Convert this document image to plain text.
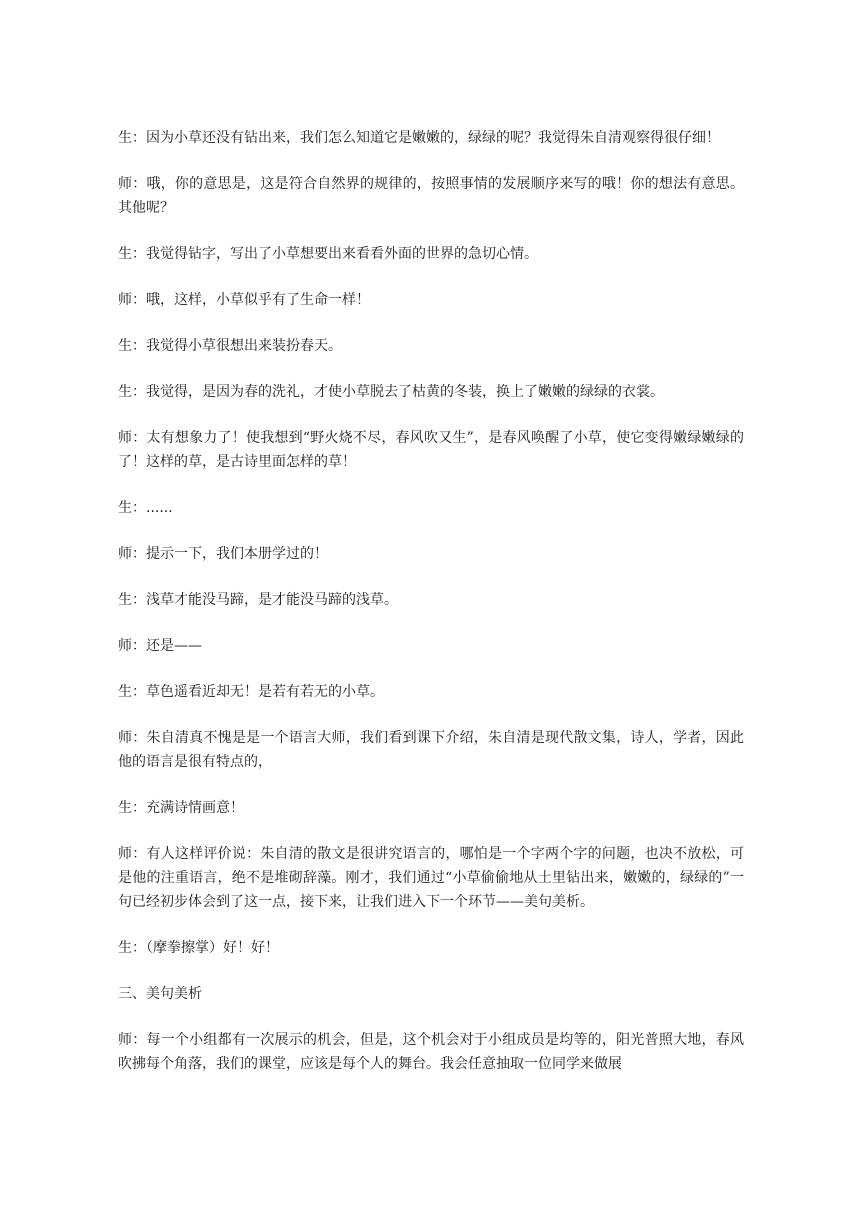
生：因为小草还没有钻出来，我们怎么知道它是嫩嫩的，绿绿的呢？我觉得朱自清观察得很仔细！

师：哦，你的意思是，这是符合自然界的规律的，按照事情的发展顺序来写的哦！你的想法有意思。其他呢？

生：我觉得钻字，写出了小草想要出来看看外面的世界的急切心情。

师：哦，这样，小草似乎有了生命一样！

生：我觉得小草很想出来装扮春天。

生：我觉得，是因为春的洗礼，才使小草脱去了枯黄的冬装，换上了嫩嫩的绿绿的衣裳。

师：太有想象力了！使我想到“野火烧不尽，春风吹又生”，是春风唤醒了小草，使它变得嫩绿嫩绿的了！这样的草，是古诗里面怎样的草！

生：......

师：提示一下，我们本册学过的！

生：浅草才能没马蹄，是才能没马蹄的浅草。

师：还是——

生：草色遥看近却无！是若有若无的小草。

师：朱自清真不愧是是一个语言大师，我们看到课下介绍，朱自清是现代散文集，诗人，学者，因此他的语言是很有特点的，

生：充满诗情画意！

师：有人这样评价说：朱自清的散文是很讲究语言的，哪怕是一个字两个字的问题，也决不放松，可是他的注重语言，绝不是堆砌辞藻。刚才，我们通过“小草偷偷地从土里钻出来，嫩嫩的，绿绿的”一句已经初步体会到了这一点，接下来，让我们进入下一个环节——美句美析。

生：（摩拳擦掌）好！好！

三、美句美析

师：每一个小组都有一次展示的机会，但是，这个机会对于小组成员是均等的，阳光普照大地，春风吹拂每个角落，我们的课堂，应该是每个人的舞台。我会任意抽取一位同学来做展
